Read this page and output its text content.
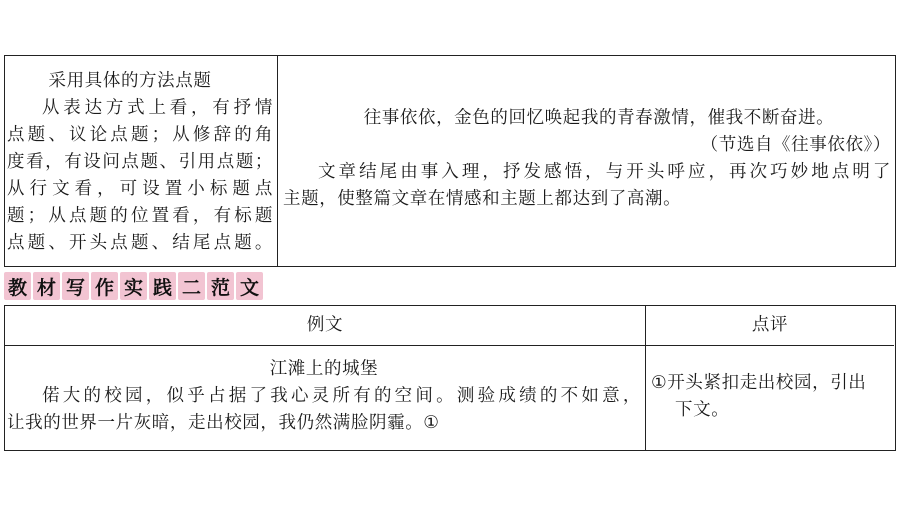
采用具体的方法点题
从表达方式上看，有抒情
点题、议论点题；从修辞的角
度看，有设问点题、引用点题；
从行文看，可设置小标题点
题；从点题的位置看，有标题
点题、开头点题、结尾点题。
往事依依，金色的回忆唤起我的青春激情，催我不断奋进。
（节选自《往事依依》）
文章结尾由事入理，抒发感悟，与开头呼应，再次巧妙地点明了
主题，使整篇文章在情感和主题上都达到了高潮。
教 材 写 作 实 践 二 范 文
例文	点评
江滩上的城堡
偌大的校园，似乎占据了我心灵所有的空间。测验成绩的不如意，
让我的世界一片灰暗，走出校园，我仍然满脸阴霾。①
①开头紧扣走出校园，引出
下文。
